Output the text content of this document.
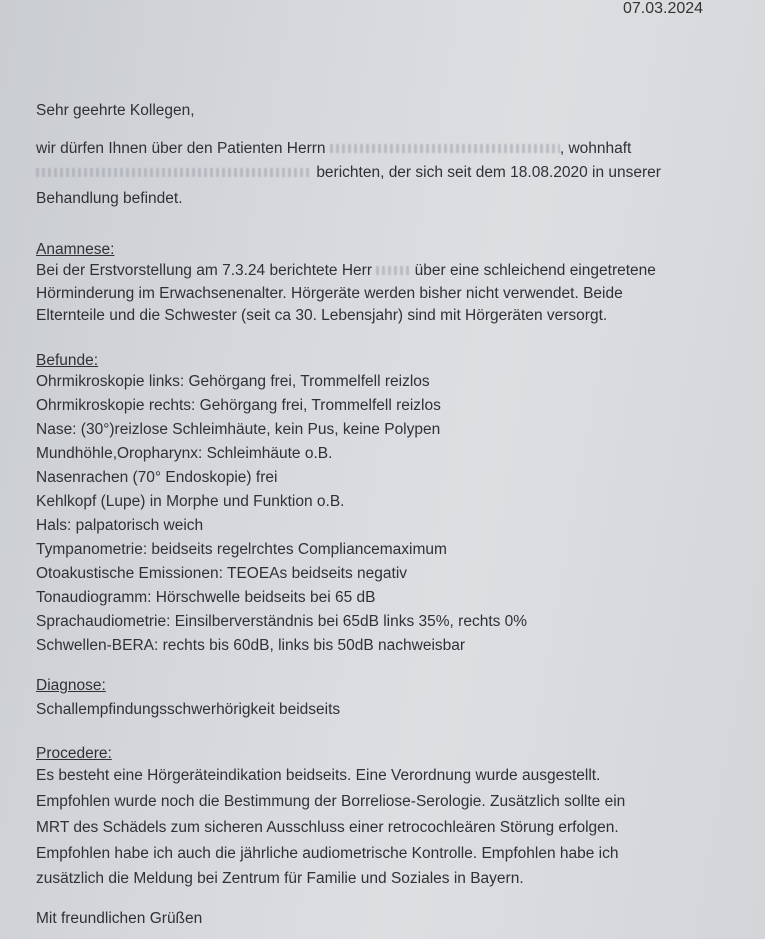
07.03.2024
Sehr geehrte Kollegen,
wir dürfen Ihnen über den Patienten Herrn	, wohnhaft
berichten, der sich seit dem 18.08.2020 in unserer
Behandlung befindet.
Anamnese:
Bei der Erstvorstellung am 7.3.24 berichtete Herr	über eine schleichend eingetretene
Hörminderung im Erwachsenenalter. Hörgeräte werden bisher nicht verwendet. Beide
Elternteile und die Schwester (seit ca 30. Lebensjahr) sind mit Hörgeräten versorgt.
Befunde:
Ohrmikroskopie links: Gehörgang frei, Trommelfell reizlos
Ohrmikroskopie rechts: Gehörgang frei, Trommelfell reizlos
Nase: (30°)reizlose Schleimhäute, kein Pus, keine Polypen
Mundhöhle,Oropharynx: Schleimhäute o.B.
Nasenrachen (70° Endoskopie) frei
Kehlkopf (Lupe) in Morphe und Funktion o.B.
Hals: palpatorisch weich
Tympanometrie: beidseits regelrchtes Compliancemaximum
Otoakustische Emissionen: TEOEAs beidseits negativ
Tonaudiogramm: Hörschwelle beidseits bei 65 dB
Sprachaudiometrie: Einsilberverständnis bei 65dB links 35%, rechts 0%
Schwellen-BERA: rechts bis 60dB, links bis 50dB nachweisbar
Diagnose:
Schallempfindungsschwerhörigkeit beidseits
Procedere:
Es besteht eine Hörgeräteindikation beidseits. Eine Verordnung wurde ausgestellt.
Empfohlen wurde noch die Bestimmung der Borreliose-Serologie. Zusätzlich sollte ein
MRT des Schädels zum sicheren Ausschluss einer retrocochleären Störung erfolgen.
Empfohlen habe ich auch die jährliche audiometrische Kontrolle. Empfohlen habe ich
zusätzlich die Meldung bei Zentrum für Familie und Soziales in Bayern.
Mit freundlichen Grüßen
